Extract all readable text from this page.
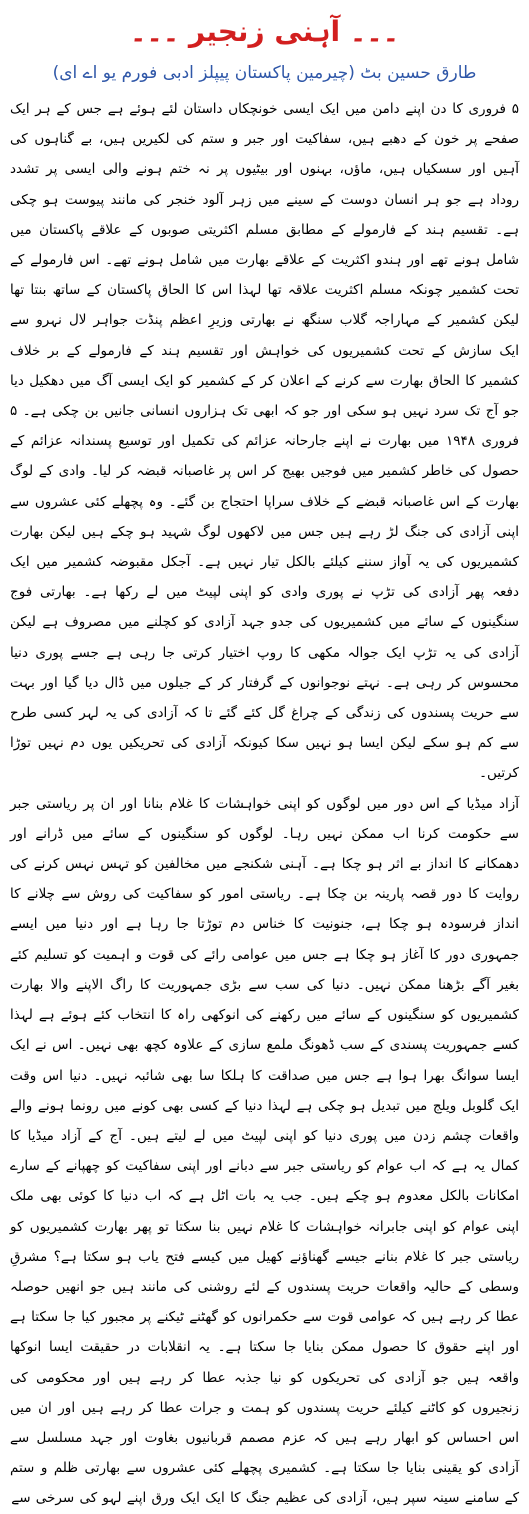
۔۔۔ آہنی زنجیر ۔۔۔
طارق حسین بٹ (چیرمین پاکستان پیپلز ادبی فورم یو اے ای)

۵ فروری کا دن اپنے دامن میں ایک ایسی خونچکاں داستان لئے ہوئے ہے جس کے ہر ایک صفحے پر خون کے دھبے ہیں، سفاکیت اور جبر و ستم کی لکیریں ہیں، بے گناہوں کی آہیں اور سسکیاں ہیں، ماؤں، بہنوں اور بیٹیوں پر نہ ختم ہونے والی ایسی پر تشدد روداد ہے جو ہر انسان دوست کے سینے میں زہر آلود خنجر کی مانند پیوست ہو چکی ہے۔ تقسیم ہند کے فارمولے کے مطابق مسلم اکثریتی صوبوں کے علاقے پاکستان میں شامل ہونے تھے اور ہندو اکثریت کے علاقے بھارت میں شامل ہونے تھے۔ اس فارمولے کے تحت کشمیر چونکہ مسلم اکثریت علاقہ تھا لہذا اس کا الحاق پاکستان کے ساتھ بنتا تھا لیکن کشمیر کے مہاراجہ گلاب سنگھ نے بھارتی وزیرِ اعظم پنڈت جواہر لال نہرو سے ایک سازش کے تحت کشمیریوں کی خواہش اور تقسیم ہند کے فارمولے کے بر خلاف کشمیر کا الحاق بھارت سے کرنے کے اعلان کر کے کشمیر کو ایک ایسی آگ میں دھکیل دیا جو آج تک سرد نہیں ہو سکی اور جو کہ ابھی تک ہزاروں انسانی جانیں بن چکی ہے۔ ۵ فروری ۱۹۴۸ میں بھارت نے اپنے جارحانہ عزائم کی تکمیل اور توسیع پسندانہ عزائم کے حصول کی خاطر کشمیر میں فوجیں بھیج کر اس پر غاصبانہ قبضہ کر لیا۔ وادی کے لوگ بھارت کے اس غاصبانہ قبضے کے خلاف سراپا احتجاج بن گئے۔ وہ پچھلے کئی عشروں سے اپنی آزادی کی جنگ لڑ رہے ہیں جس میں لاکھوں لوگ شہید ہو چکے ہیں لیکن بھارت کشمیریوں کی یہ آواز سننے کیلئے بالکل تیار نہیں ہے۔ آجکل مقبوضہ کشمیر میں ایک دفعہ پھر آزادی کی تڑپ نے پوری وادی کو اپنی لپیٹ میں لے رکھا ہے۔ بھارتی فوج سنگینوں کے سائے میں کشمیریوں کی جدو جہد آزادی کو کچلنے میں مصروف ہے لیکن آزادی کی یہ تڑپ ایک جوالہ مکھی کا روپ اختیار کرتی جا رہی ہے جسے پوری دنیا محسوس کر رہی ہے۔ نہتے نوجوانوں کے گرفتار کر کے جیلوں میں ڈال دیا گیا اور بہت سے حریت پسندوں کی زندگی کے چراغ گل کئے گئے تا کہ آزادی کی یہ لہر کسی طرح سے کم ہو سکے لیکن ایسا ہو نہیں سکا کیونکہ آزادی کی تحریکیں یوں دم نہیں توڑا کرتیں۔

آزاد میڈیا کے اس دور میں لوگوں کو اپنی خواہشات کا غلام بنانا اور ان پر ریاستی جبر سے حکومت کرنا اب ممکن نہیں رہا۔ لوگوں کو سنگینوں کے سائے میں ڈرانے اور دھمکانے کا انداز بے اثر ہو چکا ہے۔ آہنی شکنجے میں مخالفین کو تہس نہس کرنے کی روایت کا دور قصہ پارینہ بن چکا ہے۔ ریاستی امور کو سفاکیت کی روش سے چلانے کا انداز فرسودہ ہو چکا ہے، جنونیت کا خناس دم توڑتا جا رہا ہے اور دنیا میں ایسے جمہوری دور کا آغاز ہو چکا ہے جس میں عوامی رائے کی قوت و اہمیت کو تسلیم کئے بغیر آگے بڑھنا ممکن نہیں۔ دنیا کی سب سے بڑی جمہوریت کا راگ الاپنے والا بھارت کشمیریوں کو سنگینوں کے سائے میں رکھنے کی انوکھی راہ کا انتخاب کئے ہوئے ہے لہذا کسے جمہوریت پسندی کے سب ڈھونگ ملمع سازی کے علاوہ کچھ بھی نہیں۔ اس نے ایک ایسا سوانگ بھرا ہوا ہے جس میں صداقت کا ہلکا سا بھی شائبہ نہیں۔ دنیا اس وقت ایک گلوبل ویلج میں تبدیل ہو چکی ہے لہذا دنیا کے کسی بھی کونے میں رونما ہونے والے واقعات چشم زدن میں پوری دنیا کو اپنی لپیٹ میں لے لیتے ہیں۔ آج کے آزاد میڈیا کا کمال یہ ہے کہ اب عوام کو ریاستی جبر سے دبانے اور اپنی سفاکیت کو چھپانے کے سارے امکانات بالکل معدوم ہو چکے ہیں۔ جب یہ بات اٹل ہے کہ اب دنیا کا کوئی بھی ملک اپنی عوام کو اپنی جابرانہ خواہشات کا غلام نہیں بنا سکتا تو پھر بھارت کشمیریوں کو ریاستی جبر کا غلام بنانے جیسے گھناؤنے کھیل میں کیسے فتح یاب ہو سکتا ہے؟ مشرقِ وسطی کے حالیہ واقعات حریت پسندوں کے لئے روشنی کی مانند ہیں جو انھیں حوصلہ عطا کر رہے ہیں کہ عوامی قوت سے حکمرانوں کو گھٹنے ٹیکنے پر مجبور کیا جا سکتا ہے اور اپنے حقوق کا حصول ممکن بنایا جا سکتا ہے۔ یہ انقلابات در حقیقت ایسا انوکھا واقعہ ہیں جو آزادی کی تحریکوں کو نیا جذبہ عطا کر رہے ہیں اور محکومی کی زنجیروں کو کاٹنے کیلئے حریت پسندوں کو ہمت و جرات عطا کر رہے ہیں اور ان میں اس احساس کو ابھار رہے ہیں کہ عزم مصمم قربانیوں بغاوت اور جہد مسلسل سے آزادی کو یقینی بنایا جا سکتا ہے۔ کشمیری پچھلے کئی عشروں سے بھارتی ظلم و ستم کے سامنے سینہ سپر ہیں، آزادی کی عظیم جنگ کا ایک ایک ورق اپنے لہو کی سرخی سے
